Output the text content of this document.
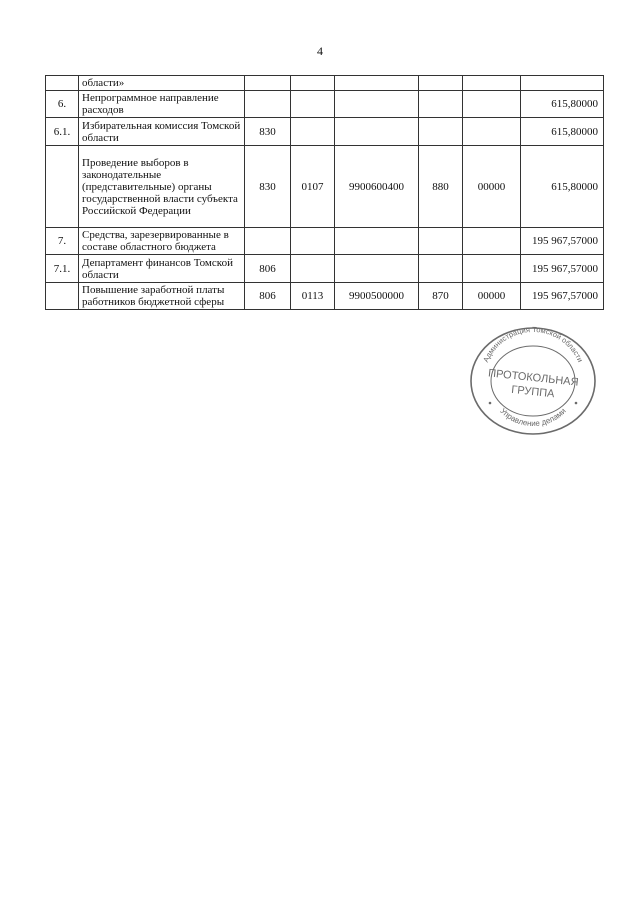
4
	области»						
6.	Непрограммное направление расходов						615,80000
6.1.	Избирательная комиссия Томской области	830					615,80000
	Проведение выборов в законодательные (представительные) органы государственной власти субъекта Российской Федерации	830	0107	9900600400	880	00000	615,80000
7.	Средства, зарезервированные в составе областного бюджета						195 967,57000
7.1.	Департамент финансов Томской области	806					195 967,57000
	Повышение заработной платы работников бюджетной сферы	806	0113	9900500000	870	00000	195 967,57000
Администрация Томской области
Управление делами
ПРОТОКОЛЬНАЯ
ГРУППА
